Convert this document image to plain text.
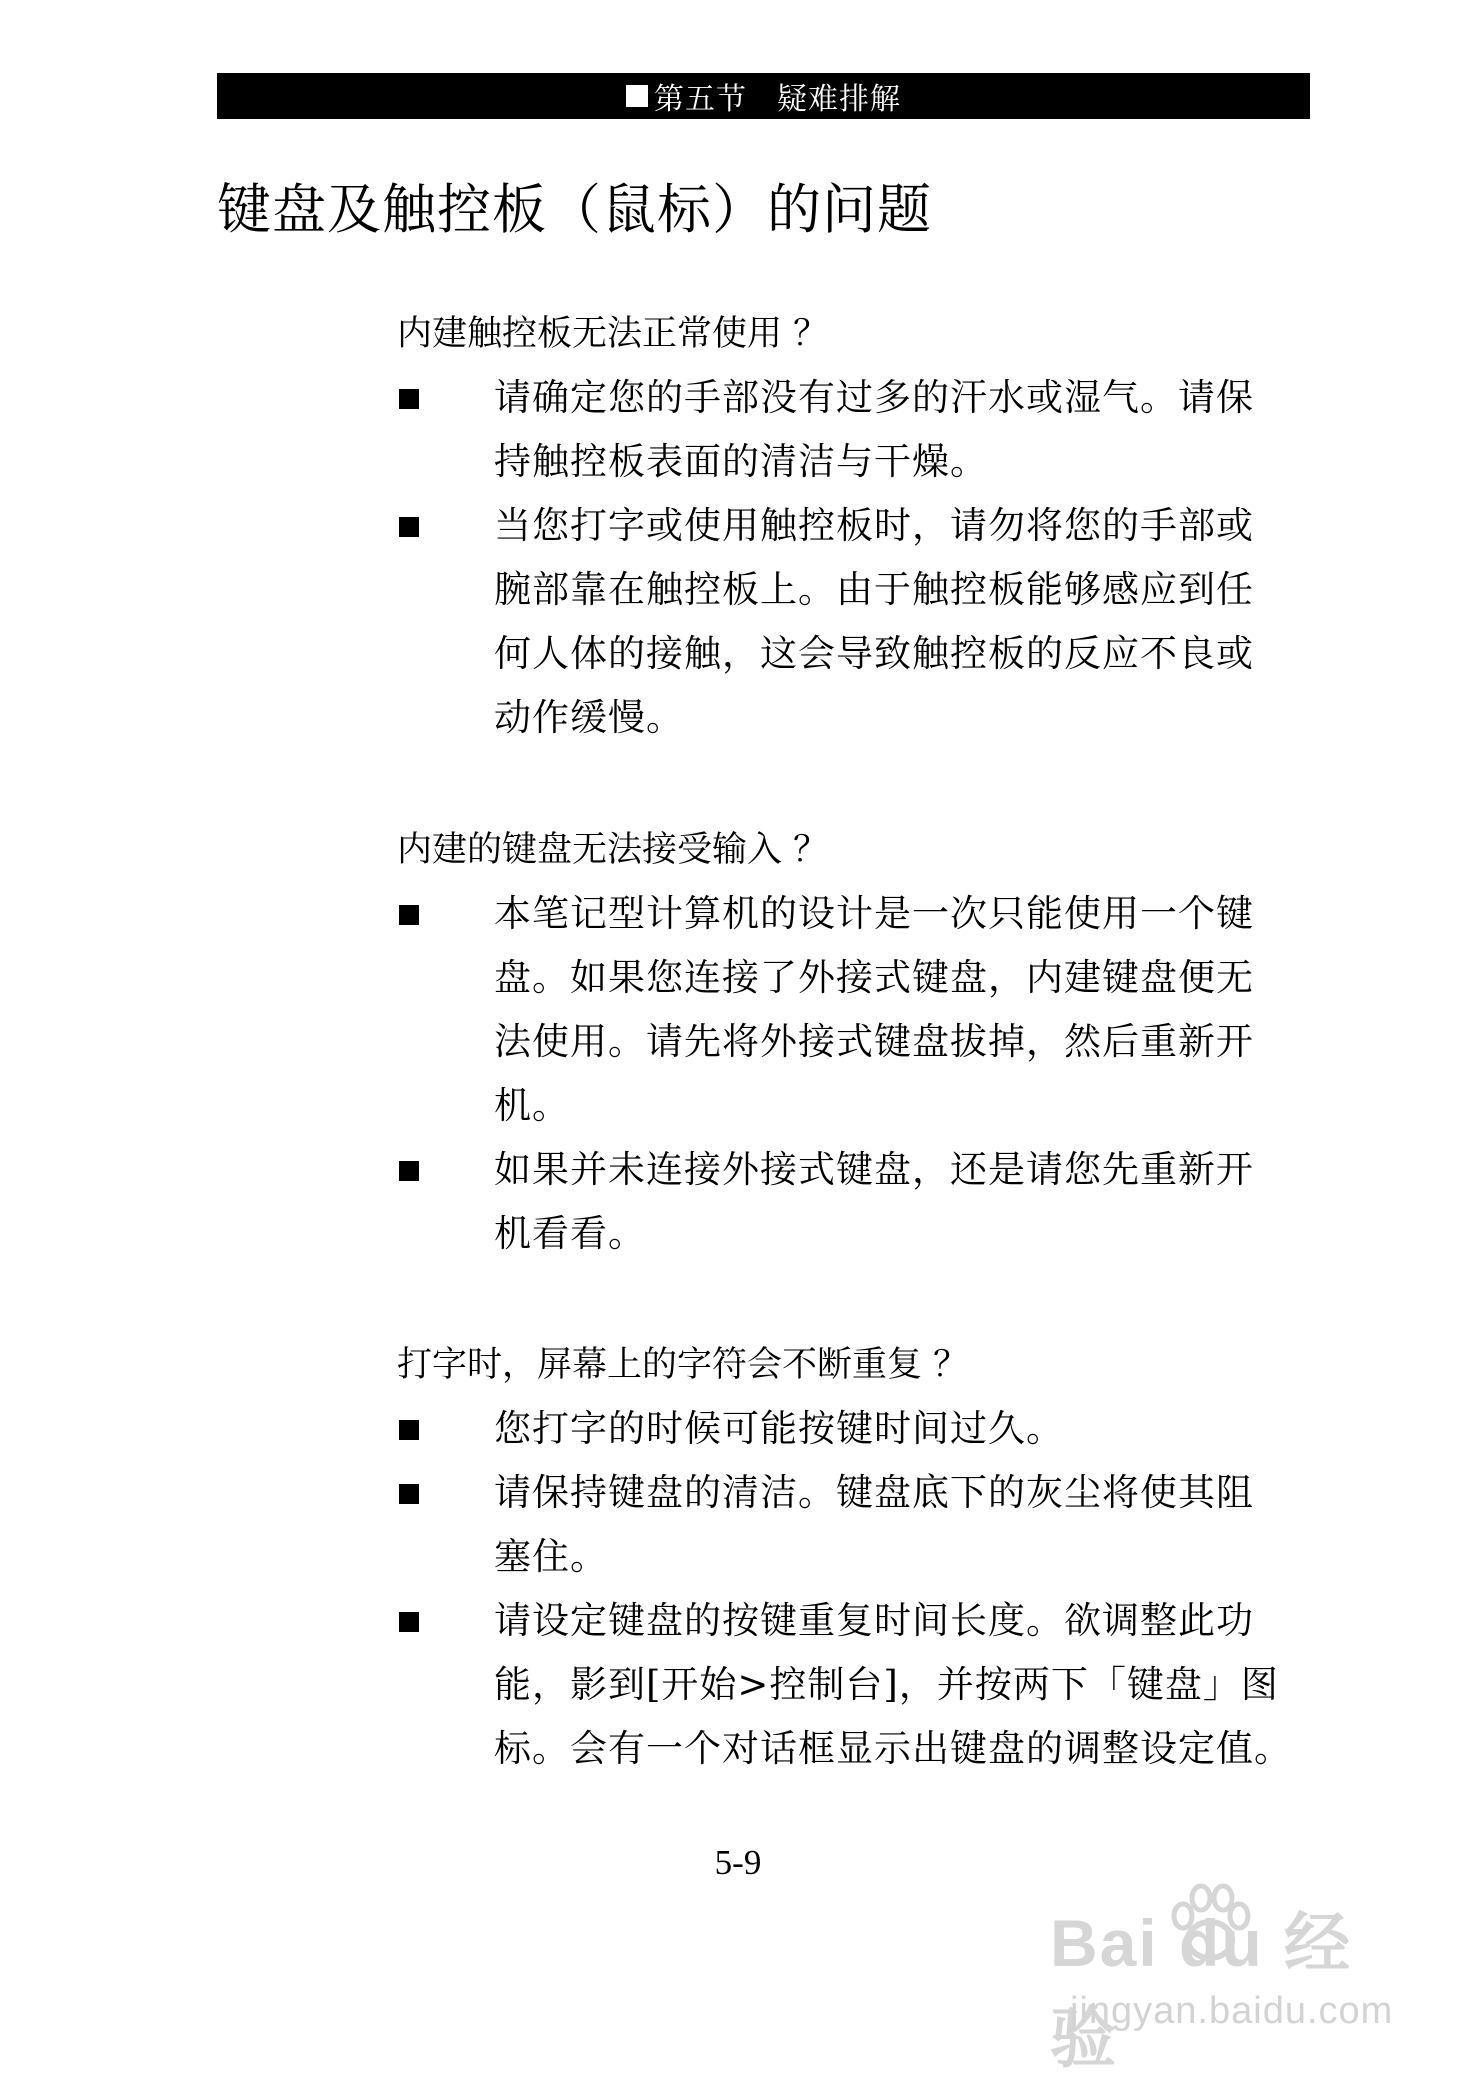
第五节 疑难排解
键盘及触控板（鼠标）的问题
内建触控板无法正常使用 ？
请确定您的手部没有过多的汗水或湿气。请保
持触控板表面的清洁与干燥。
当您打字或使用触控板时，请勿将您的手部或
腕部靠在触控板上。由于触控板能够感应到任
何人体的接触，这会导致触控板的反应不良或
动作缓慢。
内建的键盘无法接受输入 ？
本笔记型计算机的设计是一次只能使用一个键
盘。如果您连接了外接式键盘，内建键盘便无
法使用。请先将外接式键盘拔掉，然后重新开
机。
如果并未连接外接式键盘，还是请您先重新开
机看看。
打字时，屏幕上的字符会不断重复 ？
您打字的时候可能按键时间过久。
请保持键盘的清洁。键盘底下的灰尘将使其阻
塞住。
请设定键盘的按键重复时间长度。欲调整此功
能，影到[开始>控制台]，并按两下「键盘」图
标。会有一个对话框显示出键盘的调整设定值。
5-9
Bai du 经验
jingyan.baidu.com
